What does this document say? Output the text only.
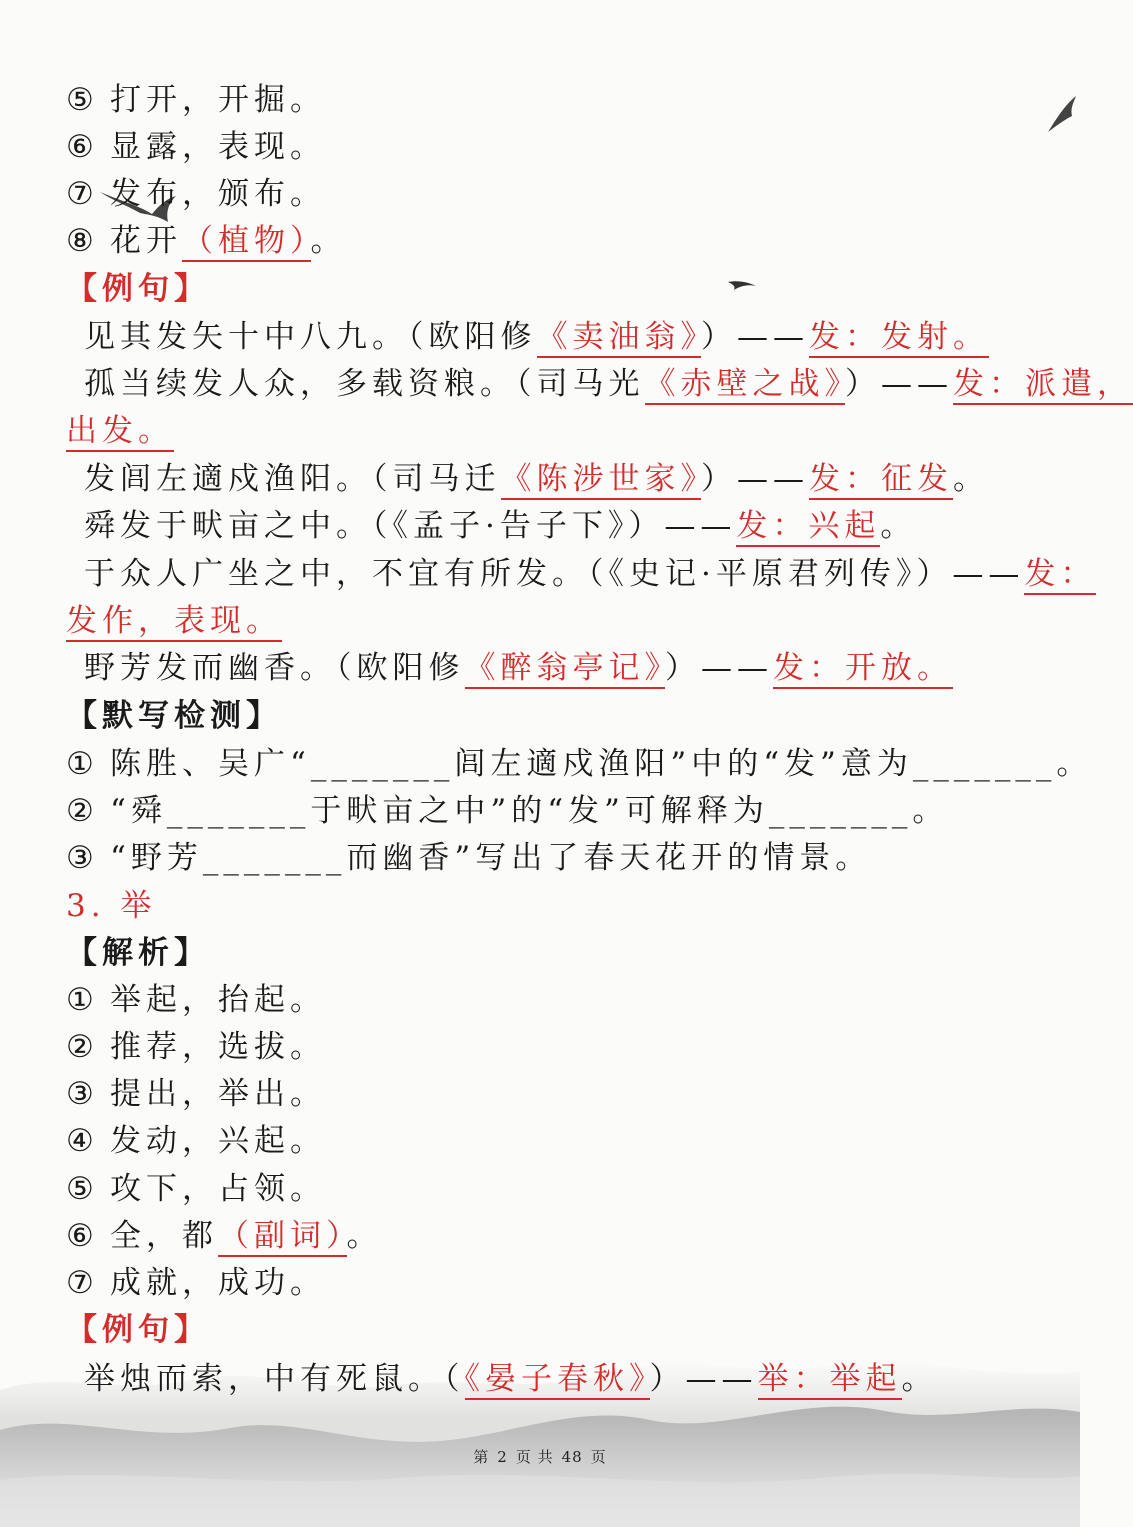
⑤ 打开，开掘。
⑥ 显露，表现。
⑦ 发布，颁布。
⑧ 花开（植物）。
【例句】
见其发矢十中八九。（欧阳修《卖油翁》）——发：发射。
孤当续发人众，多载资粮。（司马光《赤壁之战》）——发：派遣，
出发。
发闾左適戍渔阳。（司马迁《陈涉世家》）——发：征发。
舜发于畎亩之中。（《孟子·告子下》）——发：兴起。
于众人广坐之中，不宜有所发。（《史记·平原君列传》）——发：
发作，表现。
野芳发而幽香。（欧阳修《醉翁亭记》）——发：开放。
【默写检测】
① 陈胜、吴广“_______闾左適戍渔阳”中的“发”意为_______。
② “舜_______于畎亩之中”的“发”可解释为_______。
③ “野芳_______而幽香”写出了春天花开的情景。
3. 举
【解析】
① 举起，抬起。
② 推荐，选拔。
③ 提出，举出。
④ 发动，兴起。
⑤ 攻下，占领。
⑥ 全，都（副词）。
⑦ 成就，成功。
【例句】
举烛而索，中有死鼠。（《晏子春秋》）——举：举起。
第 2 页 共 48 页
